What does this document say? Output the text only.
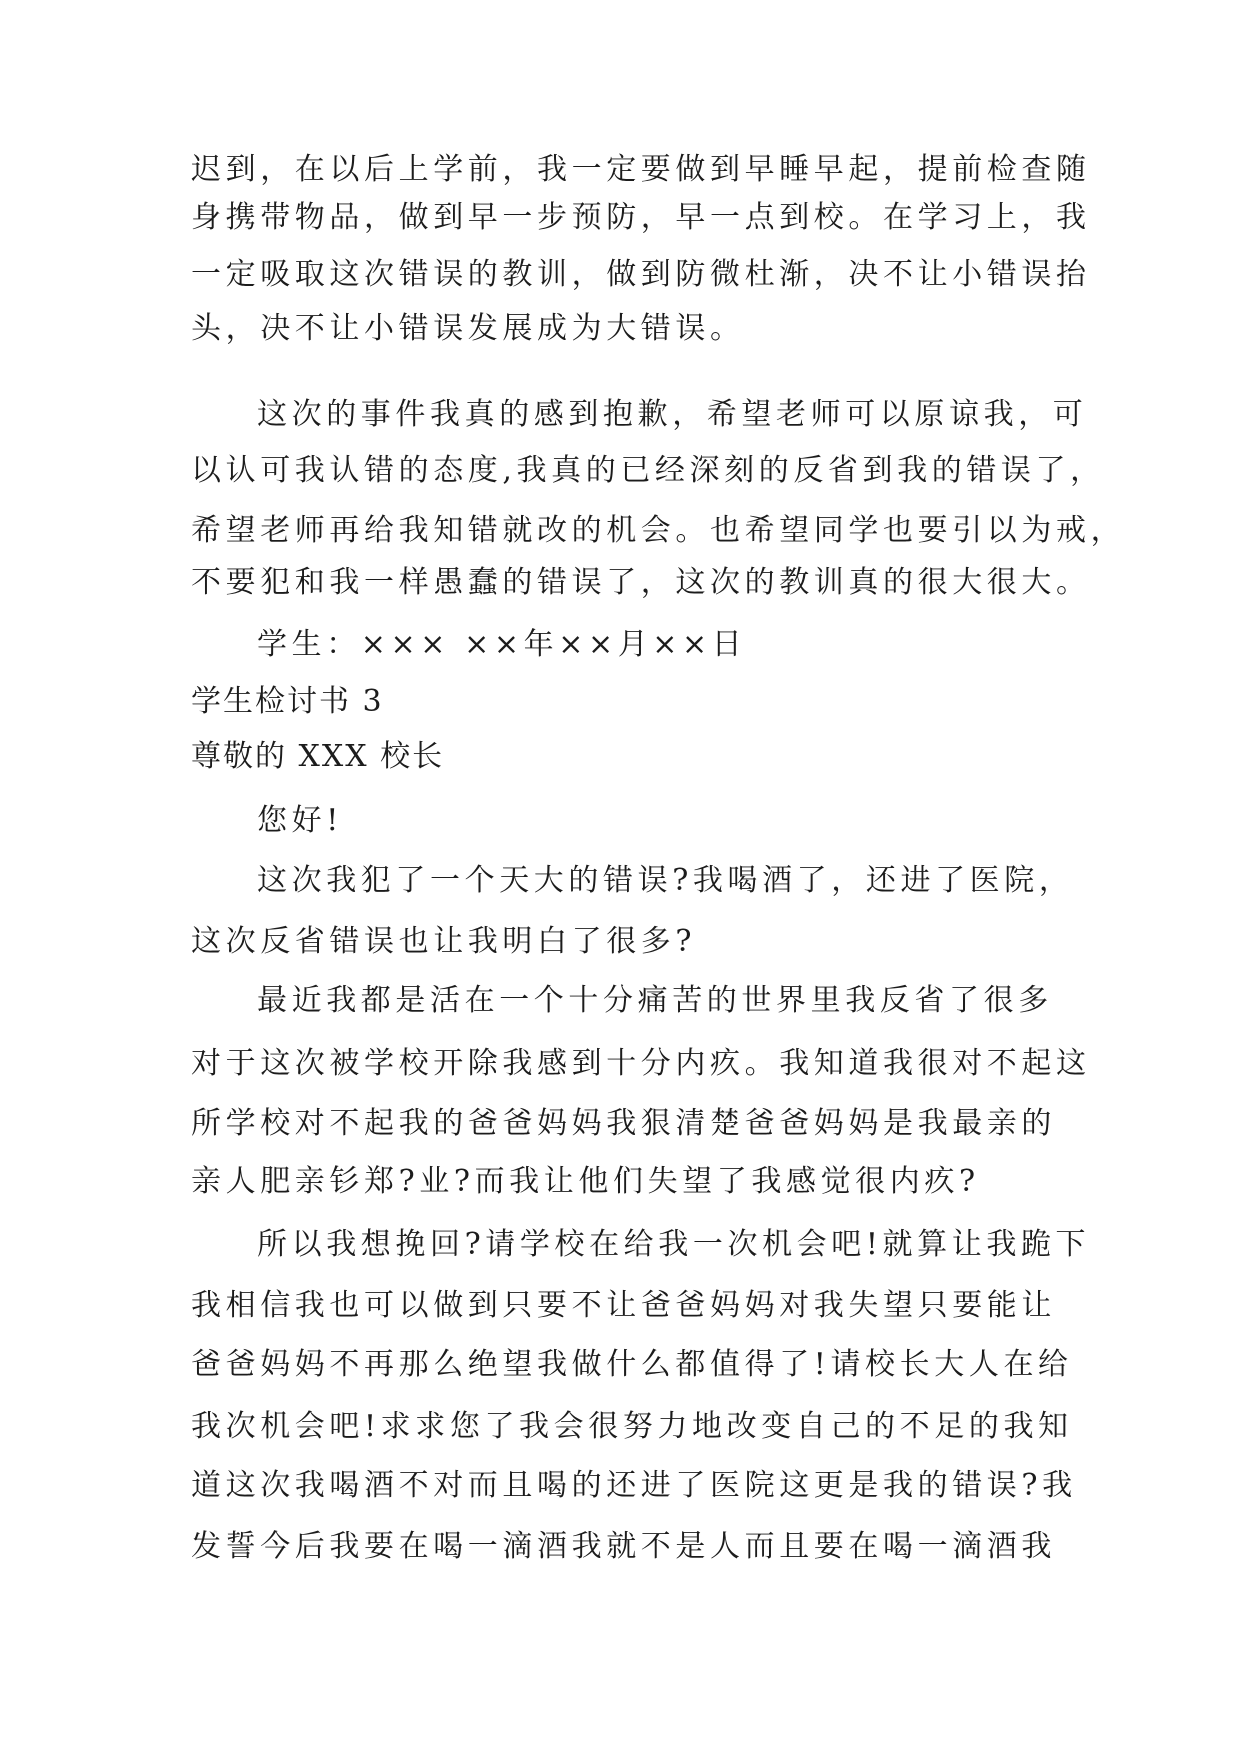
迟到，在以后上学前，我一定要做到早睡早起，提前检查随
身携带物品，做到早一步预防，早一点到校。在学习上，我
一定吸取这次错误的教训，做到防微杜渐，决不让小错误抬
头，决不让小错误发展成为大错误。
这次的事件我真的感到抱歉，希望老师可以原谅我，可
以认可我认错的态度,我真的已经深刻的反省到我的错误了，
希望老师再给我知错就改的机会。也希望同学也要引以为戒，
不要犯和我一样愚蠢的错误了，这次的教训真的很大很大。
学生：××× ××年××月××日
学生检讨书 3
尊敬的 XXX 校长
您好!
这次我犯了一个天大的错误?我喝酒了，还进了医院，
这次反省错误也让我明白了很多?
最近我都是活在一个十分痛苦的世界里我反省了很多
对于这次被学校开除我感到十分内疚。我知道我很对不起这
所学校对不起我的爸爸妈妈我狠清楚爸爸妈妈是我最亲的
亲人肥亲钐郑?业?而我让他们失望了我感觉很内疚?
所以我想挽回?请学校在给我一次机会吧!就算让我跪下
我相信我也可以做到只要不让爸爸妈妈对我失望只要能让
爸爸妈妈不再那么绝望我做什么都值得了!请校长大人在给
我次机会吧!求求您了我会很努力地改变自己的不足的我知
道这次我喝酒不对而且喝的还进了医院这更是我的错误?我
发誓今后我要在喝一滴酒我就不是人而且要在喝一滴酒我
